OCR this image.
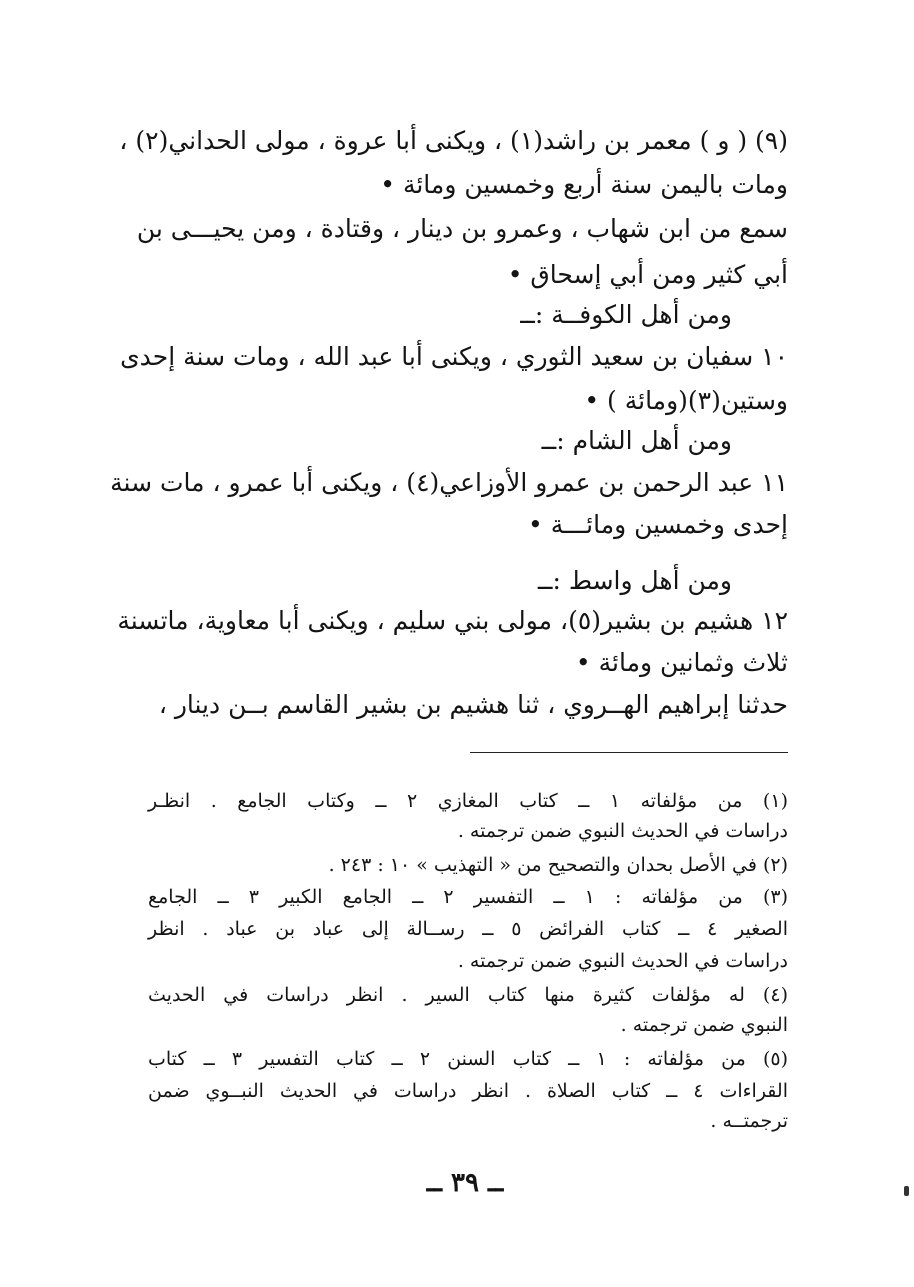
(٩) ( و ) معمر بن راشد(١) ، ويكنى أبا عروة ، مولى الحداني(٢) ،
ومات باليمن سنة أربع وخمسين ومائة •
سمع من ابن شهاب ، وعمرو بن دينار ، وقتادة ، ومن يحيـــى بن
أبي كثير ومن أبي إسحاق •
ومن أهل الكوفــة :ــ
١٠ سفيان بن سعيد الثوري ، ويكنى أبا عبد الله ، ومات سنة إحدى
وستين(٣)(ومائة ) •
ومن أهل الشام :ــ
١١ عبد الرحمن بن عمرو الأوزاعي(٤) ، ويكنى أبا عمرو ، مات سنة
إحدى وخمسين ومائـــة •
ومن أهل واسط :ــ
١٢ هشيم بن بشير(٥)، مولى بني سليم ، ويكنى أبا معاوية، ماتسنة
ثلاث وثمانين ومائة •
حدثنا إبراهيم الهــروي ، ثنا هشيم بن بشير القاسم بــن دينار ،
(١) من مؤلفاته ١ ــ كتاب المغازي ٢ ــ وكتاب الجامع . انظـر
دراسات في الحديث النبوي ضمن ترجمته .
(٢) في الأصل بحدان والتصحيح من « التهذيب » ١٠ : ٢٤٣ .
(٣) من مؤلفاته : ١ ــ التفسير ٢ ــ الجامع الكبير ٣ ــ الجامع
الصغير ٤ ــ كتاب الفرائض ٥ ــ رســالة إلى عباد بن عباد . انظر
دراسات في الحديث النبوي ضمن ترجمته .
(٤) له مؤلفات كثيرة منها كتاب السير . انظر دراسات في الحديث
النبوي ضمن ترجمته .
(٥) من مؤلفاته : ١ ــ كتاب السنن ٢ ــ كتاب التفسير ٣ ــ كتاب
القراءات ٤ ــ كتاب الصلاة . انظر دراسات في الحديث النبــوي ضمن
ترجمتــه .
ــ ٣٩ ــ
